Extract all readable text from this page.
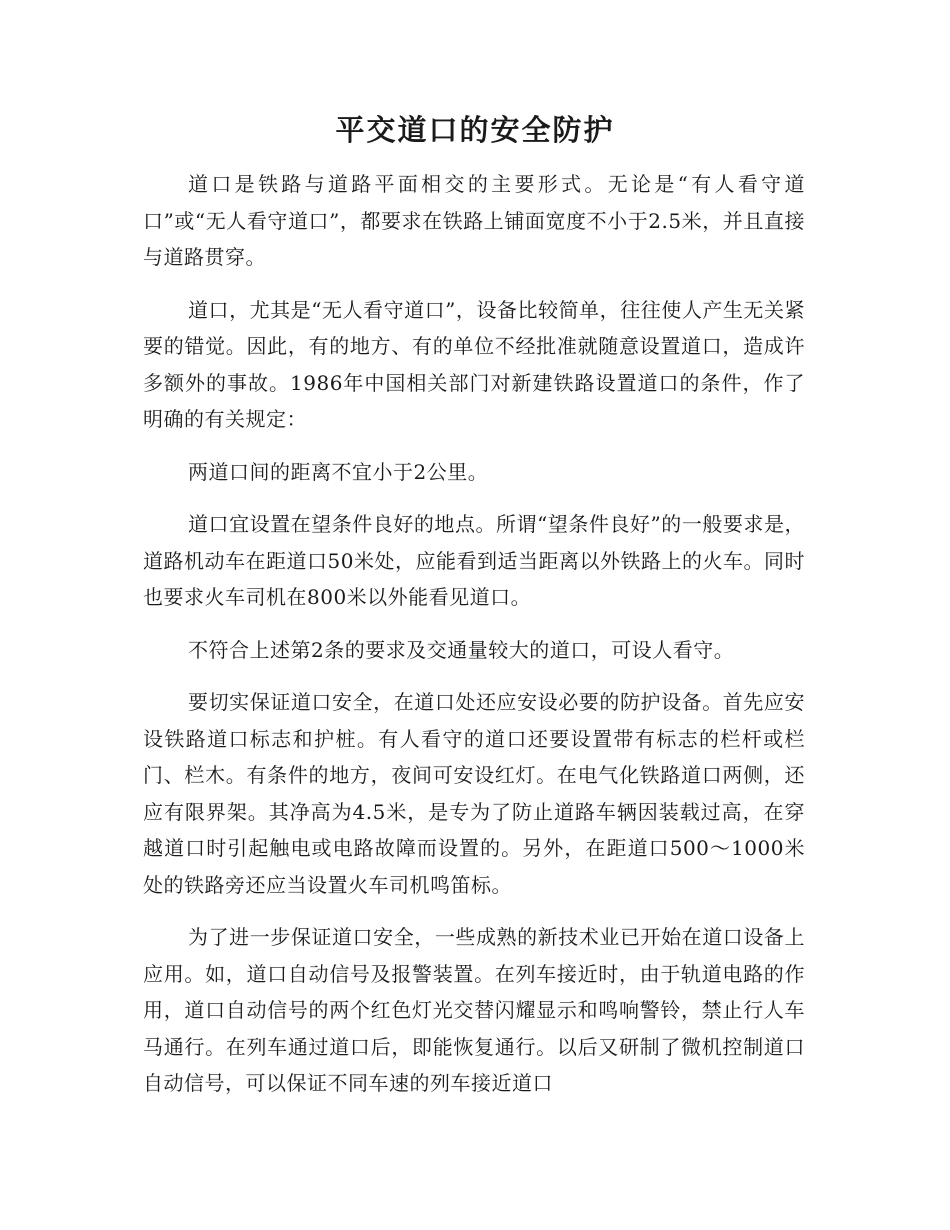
平交道口的安全防护

道口是铁路与道路平面相交的主要形式。无论是“有人看守道口”或“无人看守道口”，都要求在铁路上铺面宽度不小于2.5米，并且直接与道路贯穿。

道口，尤其是“无人看守道口”，设备比较简单，往往使人产生无关紧要的错觉。因此，有的地方、有的单位不经批准就随意设置道口，造成许多额外的事故。1986年中国相关部门对新建铁路设置道口的条件，作了明确的有关规定：

两道口间的距离不宜小于2公里。

道口宜设置在望条件良好的地点。所谓“望条件良好”的一般要求是，道路机动车在距道口50米处，应能看到适当距离以外铁路上的火车。同时也要求火车司机在800米以外能看见道口。

不符合上述第2条的要求及交通量较大的道口，可设人看守。

要切实保证道口安全，在道口处还应安设必要的防护设备。首先应安设铁路道口标志和护桩。有人看守的道口还要设置带有标志的栏杆或栏门、栏木。有条件的地方，夜间可安设红灯。在电气化铁路道口两侧，还应有限界架。其净高为4.5米，是专为了防止道路车辆因装载过高，在穿越道口时引起触电或电路故障而设置的。另外，在距道口500～1000米处的铁路旁还应当设置火车司机鸣笛标。

为了进一步保证道口安全，一些成熟的新技术业已开始在道口设备上应用。如，道口自动信号及报警装置。在列车接近时，由于轨道电路的作用，道口自动信号的两个红色灯光交替闪耀显示和鸣响警铃，禁止行人车马通行。在列车通过道口后，即能恢复通行。以后又研制了微机控制道口自动信号，可以保证不同车速的列车接近道口
